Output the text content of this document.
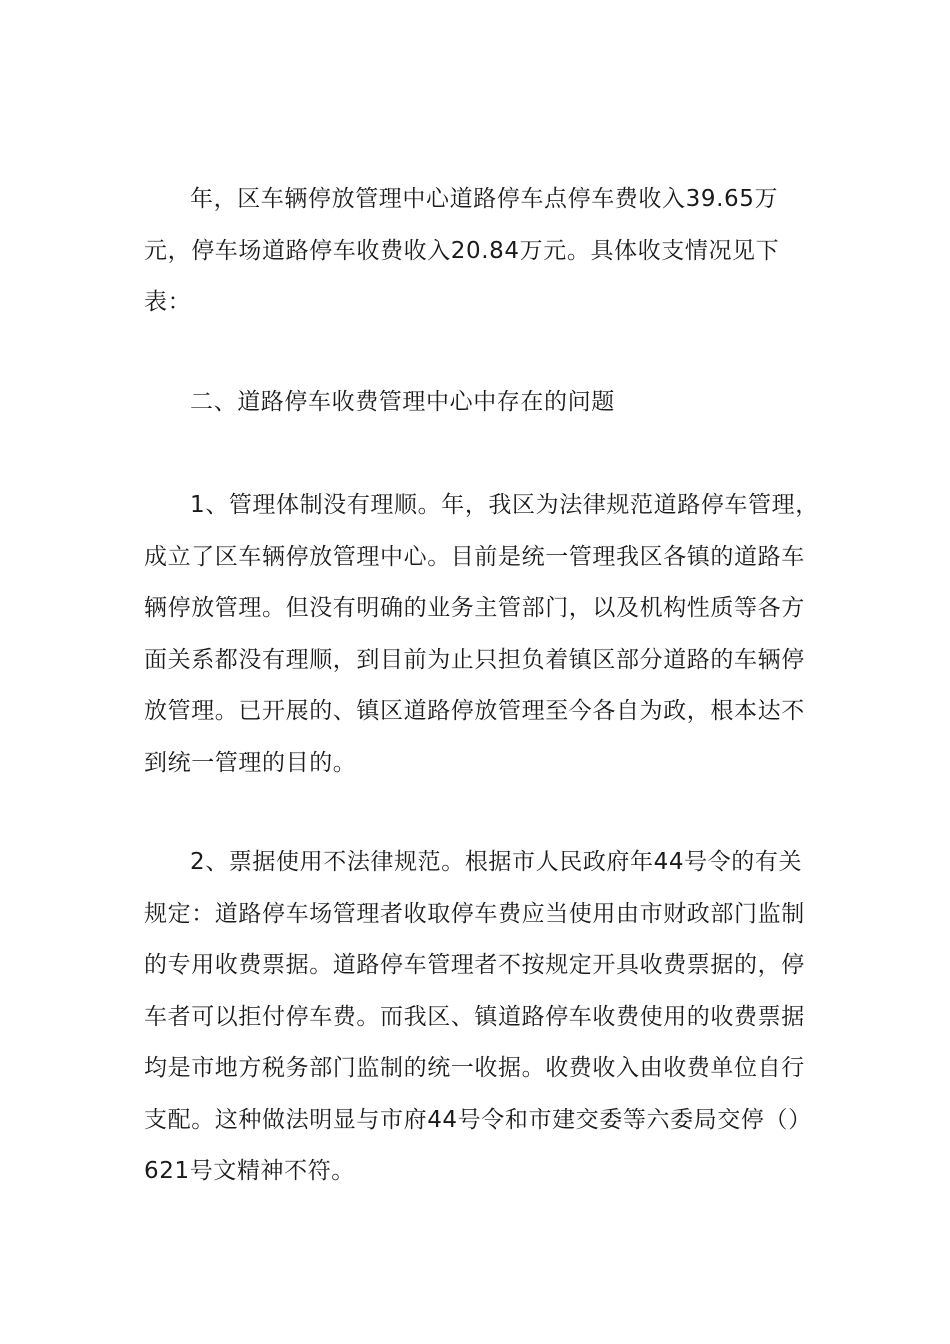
年，区车辆停放管理中心道路停车点停车费收入39.65万元，停车场道路停车收费收入20.84万元。具体收支情况见下表：

二、道路停车收费管理中心中存在的问题

1、管理体制没有理顺。年，我区为法律规范道路停车管理，成立了区车辆停放管理中心。目前是统一管理我区各镇的道路车辆停放管理。但没有明确的业务主管部门，以及机构性质等各方面关系都没有理顺，到目前为止只担负着镇区部分道路的车辆停放管理。已开展的、镇区道路停放管理至今各自为政，根本达不到统一管理的目的。

2、票据使用不法律规范。根据市人民政府年44号令的有关规定：道路停车场管理者收取停车费应当使用由市财政部门监制的专用收费票据。道路停车管理者不按规定开具收费票据的，停车者可以拒付停车费。而我区、镇道路停车收费使用的收费票据均是市地方税务部门监制的统一收据。收费收入由收费单位自行支配。这种做法明显与市府44号令和市建交委等六委局交停（）621号文精神不符。
